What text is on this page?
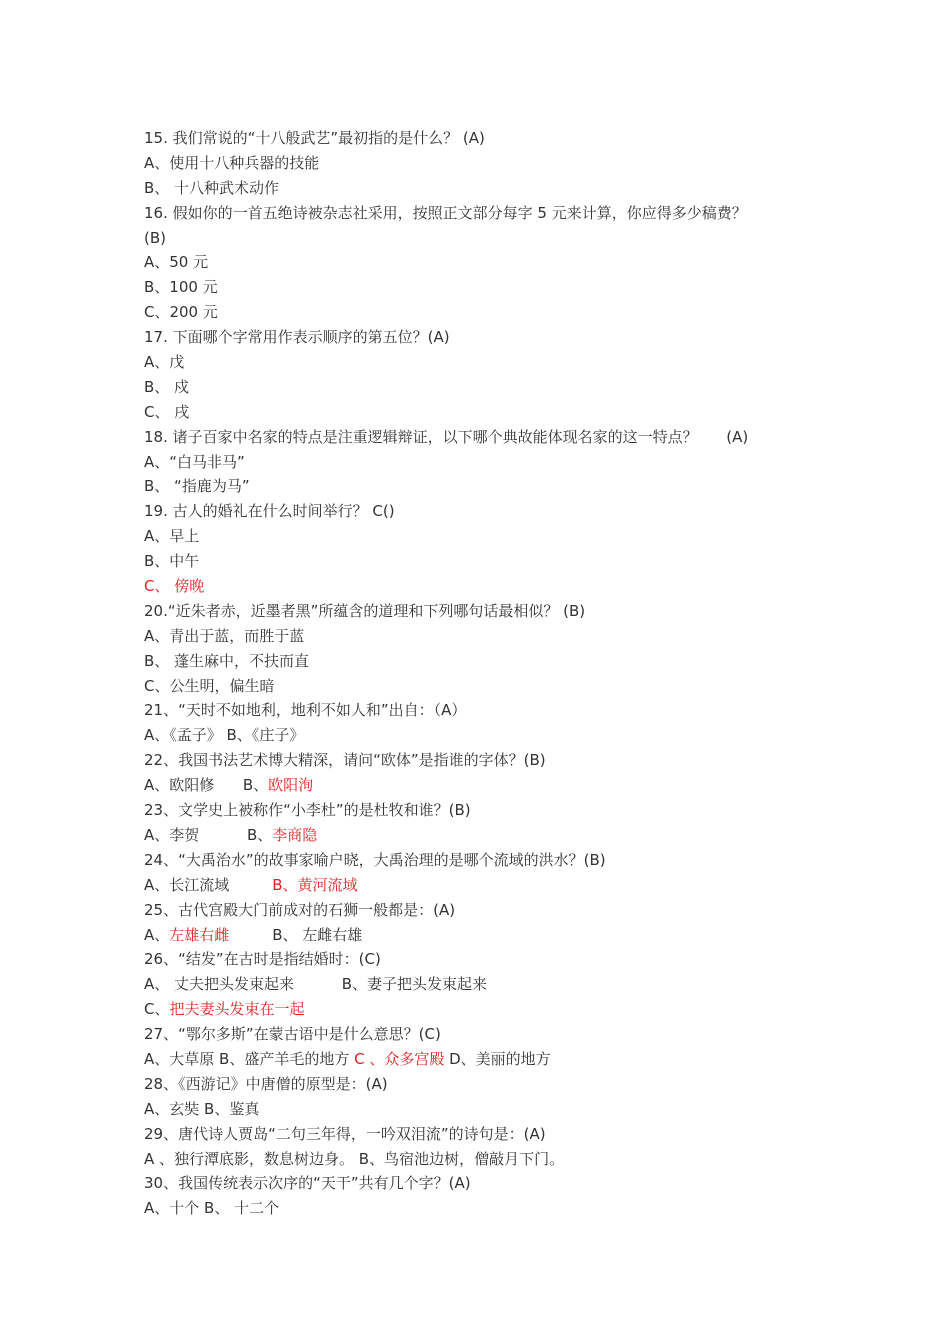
15. 我们常说的“十八般武艺”最初指的是什么？ (A)
A、使用十八种兵器的技能
B、 十八种武术动作
16. 假如你的一首五绝诗被杂志社采用，按照正文部分每字 5 元来计算，你应得多少稿费？
(B)
A、50 元
B、100 元
C、200 元
17. 下面哪个字常用作表示顺序的第五位？(A)
A、戊
B、 戍
C、 戌
18. 诸子百家中名家的特点是注重逻辑辩证，以下哪个典故能体现名家的这一特点？      (A)
A、“白马非马”
B、 “指鹿为马”
19. 古人的婚礼在什么时间举行？ C()
A、早上
B、中午
C、 傍晚
20.“近朱者赤，近墨者黑”所蕴含的道理和下列哪句话最相似？ (B)
A、青出于蓝，而胜于蓝
B、 蓬生麻中，不扶而直
C、公生明，偏生暗
21、“天时不如地利，地利不如人和”出自：（A）
A、《孟子》 B、《庄子》
22、我国书法艺术博大精深，请问“欧体”是指谁的字体？(B)
A、欧阳修      B、欧阳洵
23、文学史上被称作“小李杜”的是杜牧和谁？(B)
A、李贺          B、李商隐
24、“大禹治水”的故事家喻户晓，大禹治理的是哪个流域的洪水？(B)
A、长江流域         B、黄河流域
25、古代宫殿大门前成对的石狮一般都是：(A)
A、左雄右雌         B、 左雌右雄
26、“结发”在古时是指结婚时：(C)
A、 丈夫把头发束起来          B、妻子把头发束起来
C、把夫妻头发束在一起
27、“鄂尔多斯”在蒙古语中是什么意思？(C)
A、大草原 B、盛产羊毛的地方 C 、众多宫殿 D、美丽的地方
28、《西游记》中唐僧的原型是：(A)
A、玄奘 B、鉴真
29、唐代诗人贾岛“二句三年得，一吟双泪流”的诗句是：(A)
A 、独行潭底影，数息树边身。 B、鸟宿池边树，僧敲月下门。
30、我国传统表示次序的“天干”共有几个字？(A)
A、十个 B、 十二个
